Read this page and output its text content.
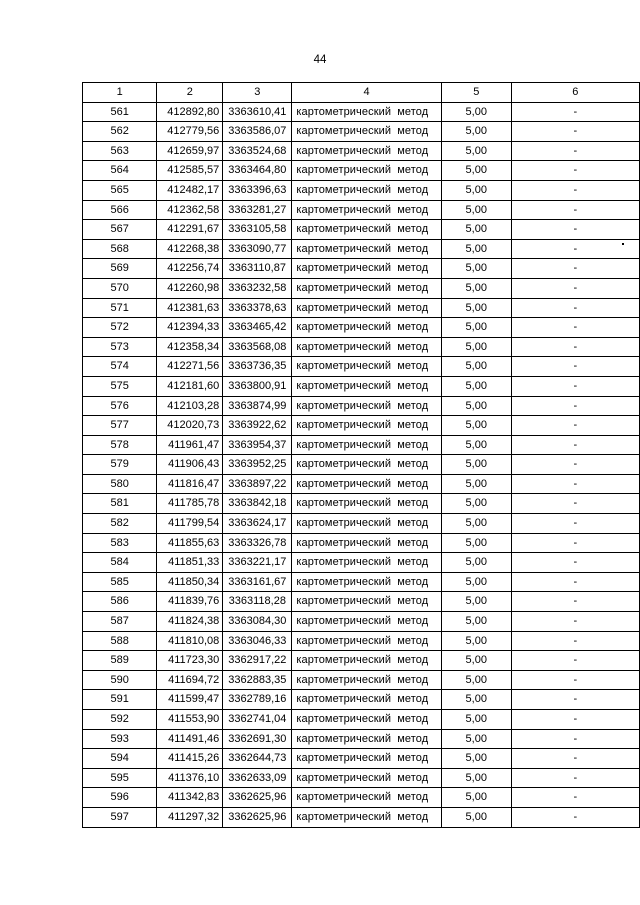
44
1	2	3	4	5	6
561	412892,80	3363610,41	картометрический метод	5,00	-
562	412779,56	3363586,07	картометрический метод	5,00	-
563	412659,97	3363524,68	картометрический метод	5,00	-
564	412585,57	3363464,80	картометрический метод	5,00	-
565	412482,17	3363396,63	картометрический метод	5,00	-
566	412362,58	3363281,27	картометрический метод	5,00	-
567	412291,67	3363105,58	картометрический метод	5,00	-
568	412268,38	3363090,77	картометрический метод	5,00	-
569	412256,74	3363110,87	картометрический метод	5,00	-
570	412260,98	3363232,58	картометрический метод	5,00	-
571	412381,63	3363378,63	картометрический метод	5,00	-
572	412394,33	3363465,42	картометрический метод	5,00	-
573	412358,34	3363568,08	картометрический метод	5,00	-
574	412271,56	3363736,35	картометрический метод	5,00	-
575	412181,60	3363800,91	картометрический метод	5,00	-
576	412103,28	3363874,99	картометрический метод	5,00	-
577	412020,73	3363922,62	картометрический метод	5,00	-
578	411961,47	3363954,37	картометрический метод	5,00	-
579	411906,43	3363952,25	картометрический метод	5,00	-
580	411816,47	3363897,22	картометрический метод	5,00	-
581	411785,78	3363842,18	картометрический метод	5,00	-
582	411799,54	3363624,17	картометрический метод	5,00	-
583	411855,63	3363326,78	картометрический метод	5,00	-
584	411851,33	3363221,17	картометрический метод	5,00	-
585	411850,34	3363161,67	картометрический метод	5,00	-
586	411839,76	3363118,28	картометрический метод	5,00	-
587	411824,38	3363084,30	картометрический метод	5,00	-
588	411810,08	3363046,33	картометрический метод	5,00	-
589	411723,30	3362917,22	картометрический метод	5,00	-
590	411694,72	3362883,35	картометрический метод	5,00	-
591	411599,47	3362789,16	картометрический метод	5,00	-
592	411553,90	3362741,04	картометрический метод	5,00	-
593	411491,46	3362691,30	картометрический метод	5,00	-
594	411415,26	3362644,73	картометрический метод	5,00	-
595	411376,10	3362633,09	картометрический метод	5,00	-
596	411342,83	3362625,96	картометрический метод	5,00	-
597	411297,32	3362625,96	картометрический метод	5,00	-
